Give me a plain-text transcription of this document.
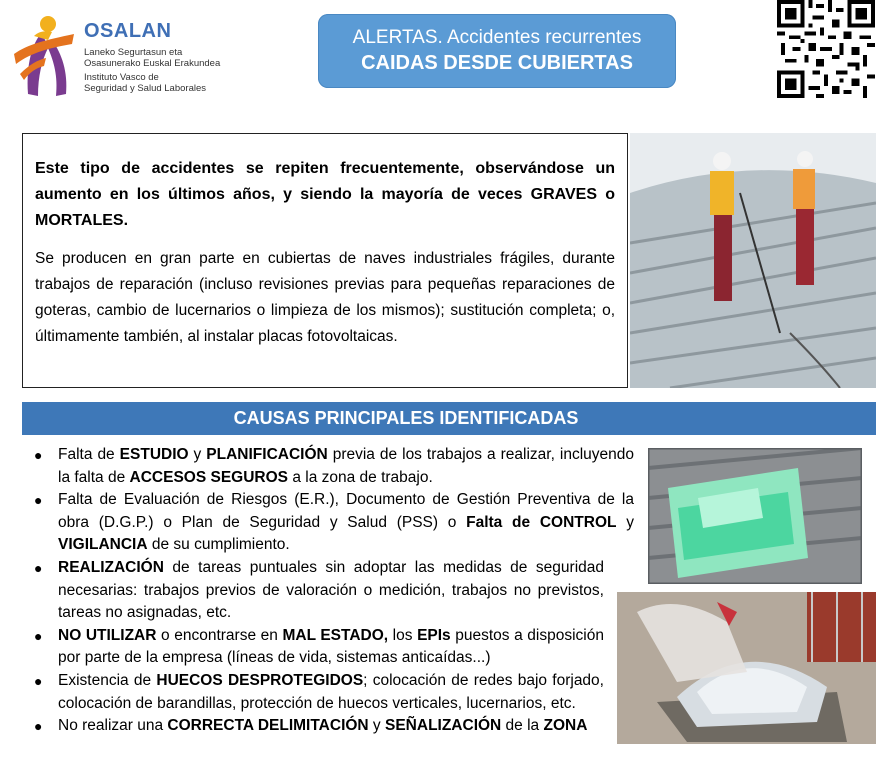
OSALAN
Laneko Segurtasun eta
Osasunerako Euskal Erakundea
Instituto Vasco de
Seguridad y Salud Laborales
ALERTAS. Accidentes recurrentes
CAIDAS DESDE CUBIERTAS

Este tipo de accidentes se repiten frecuentemente, observándose un aumento en los últimos años, y siendo la mayoría de veces GRAVES o MORTALES.

Se producen en gran parte en cubiertas de naves industriales frágiles, durante trabajos de reparación (incluso revisiones previas para pequeñas reparaciones de goteras, cambio de lucernarios o limpieza de los mismos); sustitución completa; o, últimamente también, al instalar placas fotovoltaicas.

CAUSAS PRINCIPALES IDENTIFICADAS
● Falta de ESTUDIO y PLANIFICACIÓN previa de los trabajos a realizar, incluyendo la falta de ACCESOS SEGUROS a la zona de trabajo.
● Falta de Evaluación de Riesgos (E.R.), Documento de Gestión Preventiva de la obra (D.G.P.) o Plan de Seguridad y Salud (PSS) o Falta de CONTROL y VIGILANCIA de su cumplimiento.
● REALIZACIÓN de tareas puntuales sin adoptar las medidas de seguridad necesarias: trabajos previos de valoración o medición, trabajos no previstos, tareas no asignadas, etc.
● NO UTILIZAR o encontrarse en MAL ESTADO, los EPIs puestos a disposición por parte de la empresa (líneas de vida, sistemas anticaídas...)
● Existencia de HUECOS DESPROTEGIDOS; colocación de redes bajo forjado, colocación de barandillas, protección de huecos verticales, lucernarios, etc.
● No realizar una CORRECTA DELIMITACIÓN y SEÑALIZACIÓN de la ZONA
